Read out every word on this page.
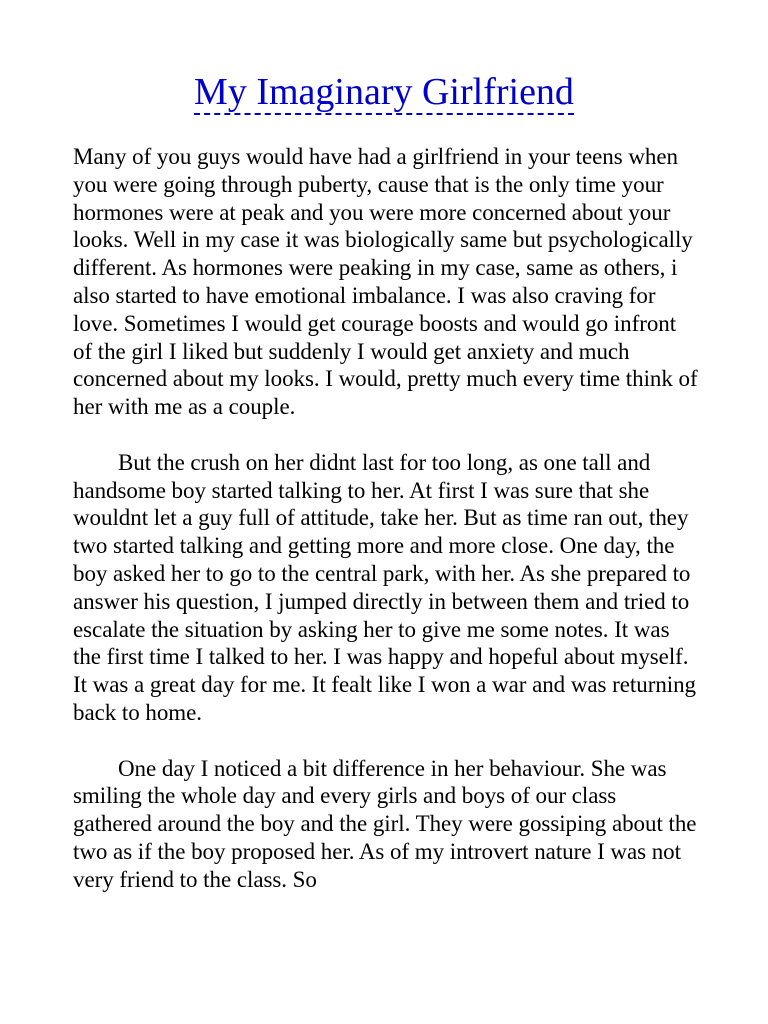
My Imaginary Girlfriend

Many of you guys would have had a girlfriend in your teens when you were going through puberty, cause that is the only time your hormones were at peak and you were more concerned about your looks. Well in my case it was biologically same but psychologically different. As hormones were peaking in my case, same as others, i also started to have emotional imbalance. I was also craving for love. Sometimes I would get courage boosts and would go infront of the girl I liked but suddenly I would get anxiety and much concerned about my looks. I would, pretty much every time think of her with me as a couple.

But the crush on her didnt last for too long, as one tall and handsome boy started talking to her. At first I was sure that she wouldnt let a guy full of attitude, take her. But as time ran out, they two started talking and getting more and more close. One day, the boy asked her to go to the central park, with her. As she prepared to answer his question, I jumped directly in between them and tried to escalate the situation by asking her to give me some notes. It was the first time I talked to her. I was happy and hopeful about myself. It was a great day for me. It fealt like I won a war and was returning back to home.

One day I noticed a bit difference in her behaviour. She was smiling the whole day and every girls and boys of our class gathered around the boy and the girl. They were gossiping about the two as if the boy proposed her. As of my introvert nature I was not very friend to the class. So
